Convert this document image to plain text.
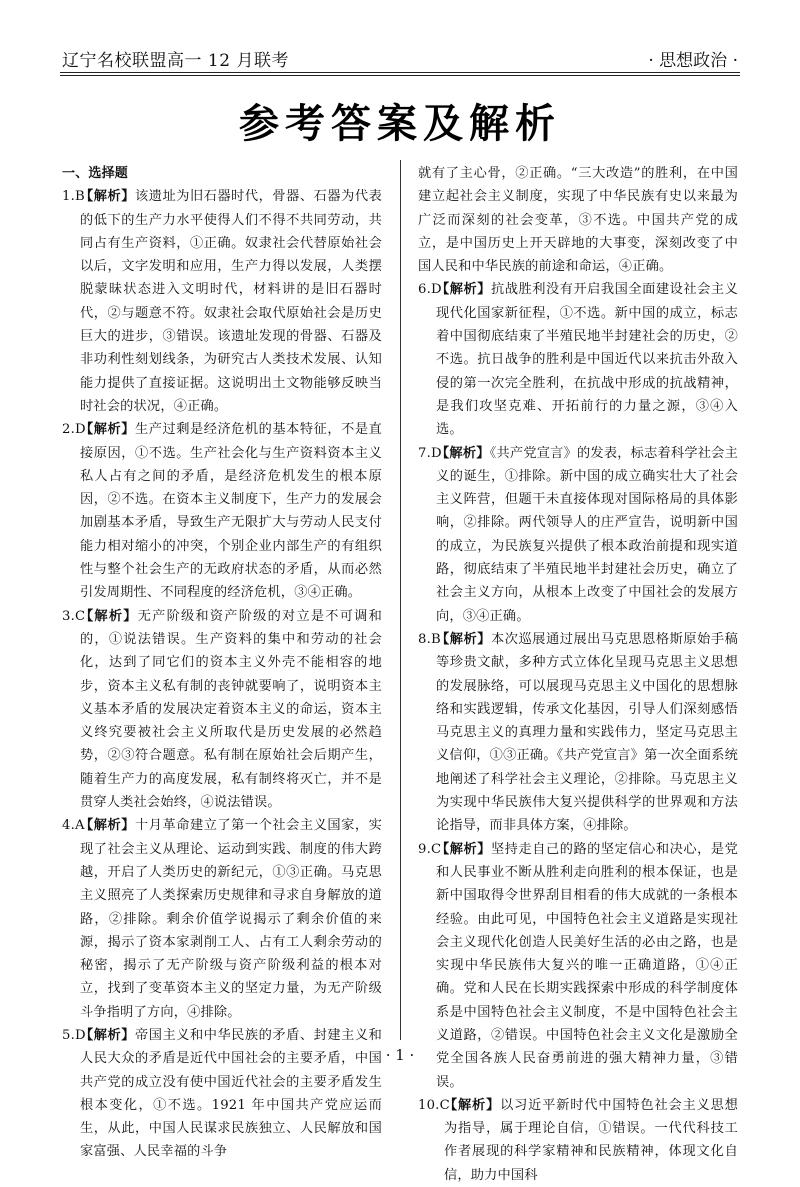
辽宁名校联盟高一 12 月联考	· 思想政治 ·
参考答案及解析
一、选择题
1.B
【解析】该遗址为旧石器时代，骨器、石器为代表的低下的生产力水平使得人们不得不共同劳动，共同占有生产资料，①正确。奴隶社会代替原始社会以后，文字发明和应用，生产力得以发展，人类摆脱蒙昧状态进入文明时代，材料讲的是旧石器时代，②与题意不符。奴隶社会取代原始社会是历史巨大的进步，③错误。该遗址发现的骨器、石器及非功利性刻划线条，为研究古人类技术发展、认知能力提供了直接证据。这说明出土文物能够反映当时社会的状况，④正确。
2.D
【解析】生产过剩是经济危机的基本特征，不是直接原因，①不选。生产社会化与生产资料资本主义私人占有之间的矛盾，是经济危机发生的根本原因，②不选。在资本主义制度下，生产力的发展会加剧基本矛盾，导致生产无限扩大与劳动人民支付能力相对缩小的冲突，个别企业内部生产的有组织性与整个社会生产的无政府状态的矛盾，从而必然引发周期性、不同程度的经济危机，③④正确。
3.C
【解析】无产阶级和资产阶级的对立是不可调和的，①说法错误。生产资料的集中和劳动的社会化，达到了同它们的资本主义外壳不能相容的地步，资本主义私有制的丧钟就要响了，说明资本主义基本矛盾的发展决定着资本主义的命运，资本主义终究要被社会主义所取代是历史发展的必然趋势，②③符合题意。私有制在原始社会后期产生，随着生产力的高度发展，私有制终将灭亡，并不是贯穿人类社会始终，④说法错误。
4.A
【解析】十月革命建立了第一个社会主义国家，实现了社会主义从理论、运动到实践、制度的伟大跨越，开启了人类历史的新纪元，①③正确。马克思主义照亮了人类探索历史规律和寻求自身解放的道路，②排除。剩余价值学说揭示了剩余价值的来源，揭示了资本家剥削工人、占有工人剩余劳动的秘密，揭示了无产阶级与资产阶级利益的根本对立，找到了变革资本主义的坚定力量，为无产阶级斗争指明了方向，④排除。
5.D
【解析】帝国主义和中华民族的矛盾、封建主义和人民大众的矛盾是近代中国社会的主要矛盾，中国共产党的成立没有使中国近代社会的主要矛盾发生根本变化，①不选。1921 年中国共产党应运而生，从此，中国人民谋求民族独立、人民解放和国家富强、人民幸福的斗争
就有了主心骨，②正确。“三大改造”的胜利，在中国建立起社会主义制度，实现了中华民族有史以来最为广泛而深刻的社会变革，③不选。中国共产党的成立，是中国历史上开天辟地的大事变，深刻改变了中国人民和中华民族的前途和命运，④正确。
6.D
【解析】抗战胜利没有开启我国全面建设社会主义现代化国家新征程，①不选。新中国的成立，标志着中国彻底结束了半殖民地半封建社会的历史，②不选。抗日战争的胜利是中国近代以来抗击外敌入侵的第一次完全胜利，在抗战中形成的抗战精神，是我们攻坚克难、开拓前行的力量之源，③④入选。
7.D
【解析】《共产党宣言》的发表，标志着科学社会主义的诞生，①排除。新中国的成立确实壮大了社会主义阵营，但题干未直接体现对国际格局的具体影响，②排除。两代领导人的庄严宣告，说明新中国的成立，为民族复兴提供了根本政治前提和现实道路，彻底结束了半殖民地半封建社会历史，确立了社会主义方向，从根本上改变了中国社会的发展方向，③④正确。
8.B
【解析】本次巡展通过展出马克思恩格斯原始手稿等珍贵文献，多种方式立体化呈现马克思主义思想的发展脉络，可以展现马克思主义中国化的思想脉络和实践逻辑，传承文化基因，引导人们深刻感悟马克思主义的真理力量和实践伟力，坚定马克思主义信仰，①③正确。《共产党宣言》第一次全面系统地阐述了科学社会主义理论，②排除。马克思主义为实现中华民族伟大复兴提供科学的世界观和方法论指导，而非具体方案，④排除。
9.C
【解析】坚持走自己的路的坚定信心和决心，是党和人民事业不断从胜利走向胜利的根本保证，也是新中国取得令世界刮目相看的伟大成就的一条根本经验。由此可见，中国特色社会主义道路是实现社会主义现代化创造人民美好生活的必由之路，也是实现中华民族伟大复兴的唯一正确道路，①④正确。党和人民在长期实践探索中形成的科学制度体系是中国特色社会主义制度，不是中国特色社会主义道路，②错误。中国特色社会主义文化是激励全党全国各族人民奋勇前进的强大精神力量，③错误。
10.C
【解析】以习近平新时代中国特色社会主义思想为指导，属于理论自信，①错误。一代代科技工作者展现的科学家精神和民族精神，体现文化自信，助力中国科
· 1 ·
